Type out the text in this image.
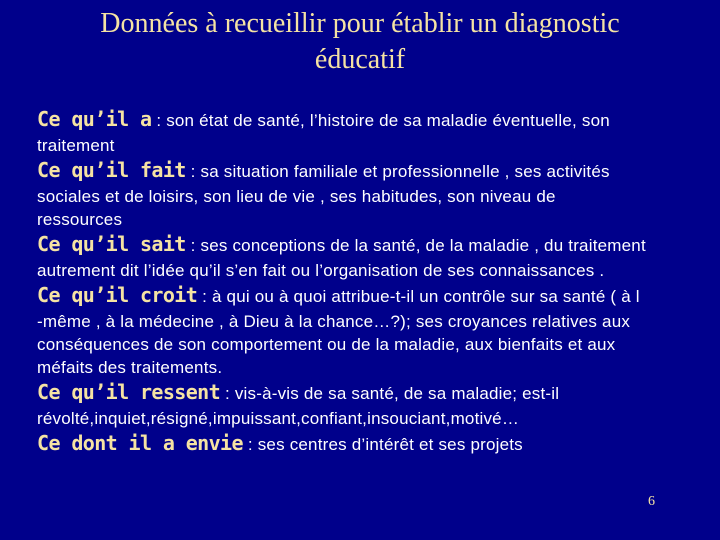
Données à recueillir pour établir un diagnostic
éducatif
Ce qu’il a : son état de santé, l’histoire de sa maladie éventuelle, son
traitement
Ce qu’il fait : sa situation familiale et professionnelle , ses activités
sociales et de loisirs, son lieu de vie , ses habitudes, son niveau de
ressources
Ce qu’il sait : ses conceptions de la santé, de la maladie , du traitement
autrement dit l’idée qu’il s’en fait ou l’organisation de ses connaissances .
Ce qu’il croit : à qui ou à quoi attribue-t-il un contrôle sur sa santé ( à l
-même , à la médecine , à Dieu à la chance…?); ses croyances relatives aux
conséquences de son comportement ou de la maladie, aux bienfaits et aux
méfaits des traitements.
Ce qu’il ressent : vis-à-vis de sa santé, de sa maladie; est-il
révolté,inquiet,résigné,impuissant,confiant,insouciant,motivé…
Ce dont il a envie : ses centres d’intérêt et ses projets
6
